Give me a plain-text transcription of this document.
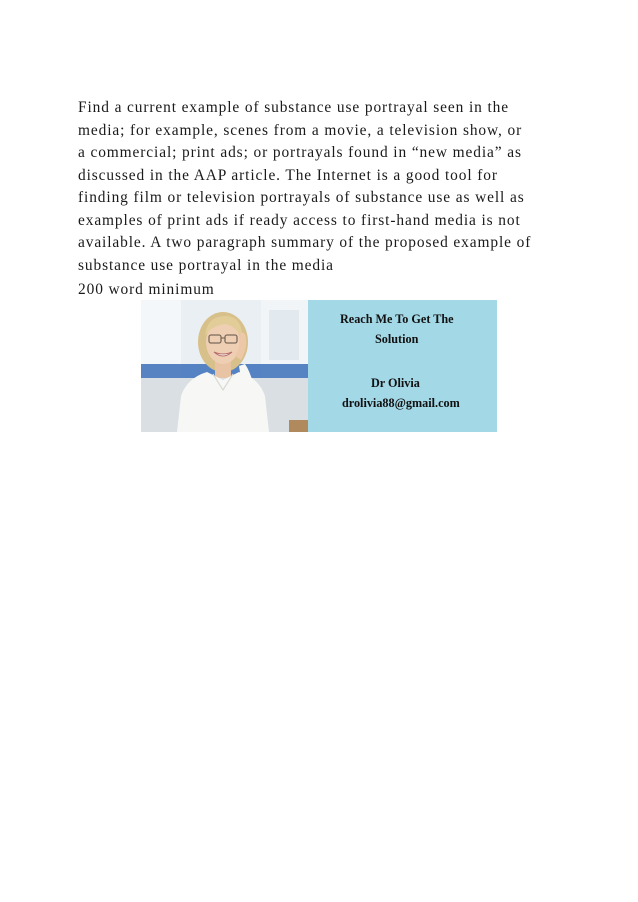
Find a current example of substance use portrayal seen in the
media; for example, scenes from a movie, a television show, or
a commercial; print ads; or portrayals found in “new media” as
discussed in the AAP article. The Internet is a good tool for
finding film or television portrayals of substance use as well as
examples of print ads if ready access to first-hand media is not
available. A two paragraph summary of the proposed example of
substance use portrayal in the media
200 word minimum
Reach Me To Get The
Solution
Dr Olivia
drolivia88@gmail.com
